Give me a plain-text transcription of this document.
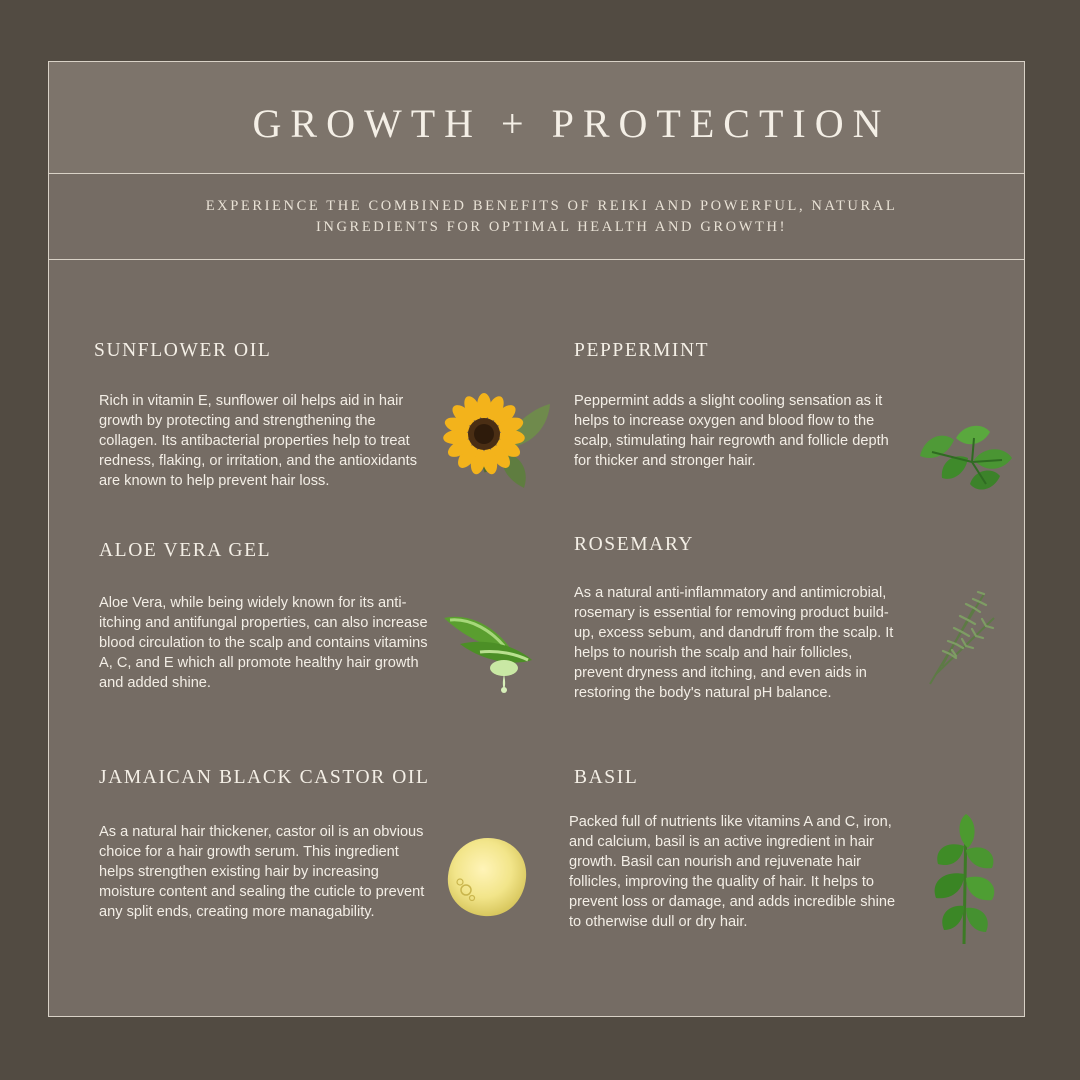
GROWTH + PROTECTION
EXPERIENCE THE COMBINED BENEFITS OF REIKI AND POWERFUL, NATURAL INGREDIENTS FOR OPTIMAL HEALTH AND GROWTH!
SUNFLOWER OIL
Rich in vitamin E, sunflower oil helps aid in hair growth by protecting and strengthening the collagen. Its antibacterial properties help to treat redness, flaking, or irritation, and the antioxidants are known to help prevent hair loss.
PEPPERMINT
Peppermint adds a slight cooling sensation as it helps to increase oxygen and blood flow to the scalp, stimulating hair regrowth and follicle depth for thicker and stronger hair.
ALOE VERA GEL
Aloe Vera, while being widely known for its anti-itching and antifungal properties, can also increase blood circulation to the scalp and contains vitamins A, C, and E which all promote healthy hair growth and added shine.
ROSEMARY
As a natural anti-inflammatory and antimicrobial, rosemary is essential for removing product build-up, excess sebum, and dandruff from the scalp. It helps to nourish the scalp and hair follicles, prevent dryness and itching, and even aids in restoring the body's natural pH balance.
JAMAICAN BLACK CASTOR OIL
As a natural hair thickener, castor oil is an obvious choice for a hair growth serum. This ingredient helps strengthen existing hair by increasing moisture content and sealing the cuticle to prevent any split ends, creating more managability.
BASIL
Packed full of nutrients like vitamins A and C, iron, and calcium, basil is an active ingredient in hair growth. Basil can nourish and rejuvenate hair follicles, improving the quality of hair. It helps to prevent loss or damage, and adds incredible shine to otherwise dull or dry hair.
